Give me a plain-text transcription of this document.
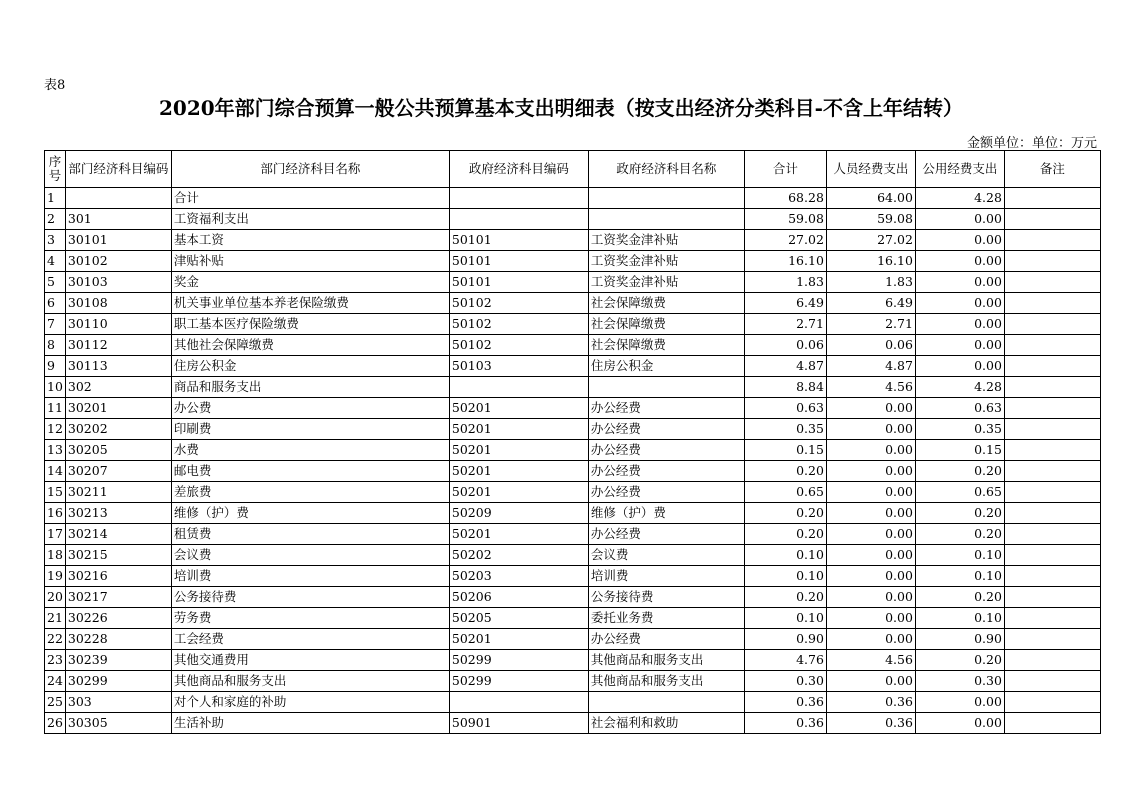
表8
2020年部门综合预算一般公共预算基本支出明细表（按支出经济分类科目-不含上年结转）
金额单位：单位：万元
序号	部门经济科目编码	部门经济科目名称	政府经济科目编码	政府经济科目名称	合计	人员经费支出	公用经费支出	备注
1		合计			68.28	64.00	4.28	
2	301	工资福利支出			59.08	59.08	0.00	
3	30101	基本工资	50101	工资奖金津补贴	27.02	27.02	0.00	
4	30102	津贴补贴	50101	工资奖金津补贴	16.10	16.10	0.00	
5	30103	奖金	50101	工资奖金津补贴	1.83	1.83	0.00	
6	30108	机关事业单位基本养老保险缴费	50102	社会保障缴费	6.49	6.49	0.00	
7	30110	职工基本医疗保险缴费	50102	社会保障缴费	2.71	2.71	0.00	
8	30112	其他社会保障缴费	50102	社会保障缴费	0.06	0.06	0.00	
9	30113	住房公积金	50103	住房公积金	4.87	4.87	0.00	
10	302	商品和服务支出			8.84	4.56	4.28	
11	30201	办公费	50201	办公经费	0.63	0.00	0.63	
12	30202	印刷费	50201	办公经费	0.35	0.00	0.35	
13	30205	水费	50201	办公经费	0.15	0.00	0.15	
14	30207	邮电费	50201	办公经费	0.20	0.00	0.20	
15	30211	差旅费	50201	办公经费	0.65	0.00	0.65	
16	30213	维修（护）费	50209	维修（护）费	0.20	0.00	0.20	
17	30214	租赁费	50201	办公经费	0.20	0.00	0.20	
18	30215	会议费	50202	会议费	0.10	0.00	0.10	
19	30216	培训费	50203	培训费	0.10	0.00	0.10	
20	30217	公务接待费	50206	公务接待费	0.20	0.00	0.20	
21	30226	劳务费	50205	委托业务费	0.10	0.00	0.10	
22	30228	工会经费	50201	办公经费	0.90	0.00	0.90	
23	30239	其他交通费用	50299	其他商品和服务支出	4.76	4.56	0.20	
24	30299	其他商品和服务支出	50299	其他商品和服务支出	0.30	0.00	0.30	
25	303	对个人和家庭的补助			0.36	0.36	0.00	
26	30305	生活补助	50901	社会福利和救助	0.36	0.36	0.00	
